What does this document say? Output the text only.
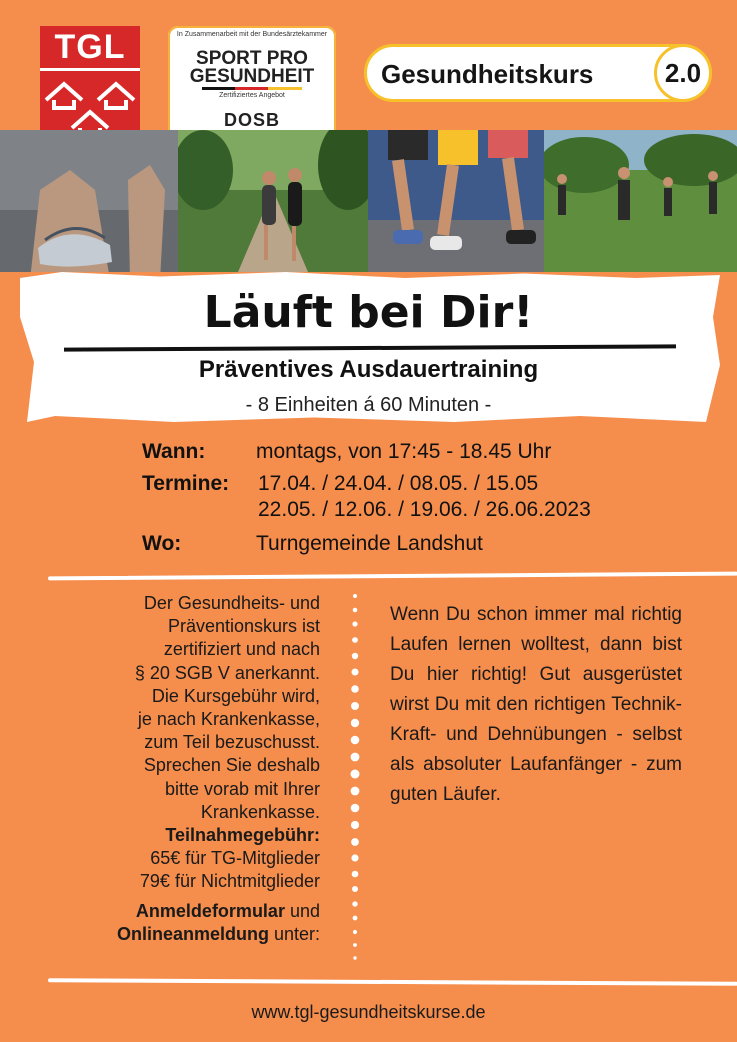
TGL	In Zusammenarbeit mit der Bundesärztekammer
SPORT PRO
GESUNDHEIT
Zertifiziertes Angebot
DOSB
Gesundheitskurs	2.0
Läuft bei Dir!
Präventives Ausdauertraining
- 8 Einheiten á 60 Minuten -
Wann: montags, von 17:45 - 18.45 Uhr
Termine: 17.04. / 24.04. / 08.05. / 15.05
22.05. / 12.06. / 19.06. / 26.06.2023
Wo:	Turngemeinde Landshut

Der Gesundheits- und

Präventionskurs ist

zertifiziert und nach

§ 20 SGB V anerkannt.

Die Kursgebühr wird,

je nach Krankenkasse,

zum Teil bezuschusst.

Sprechen Sie deshalb

bitte vorab mit Ihrer

Krankenkasse.

Teilnahmegebühr:

65€ für TG-Mitglieder

79€ für Nichtmitglieder

Anmeldeformular und

Onlineanmeldung unter:

Wenn Du schon immer mal richtig Laufen lernen wolltest, dann bist Du hier richtig! Gut ausgerüstet wirst Du mit den richtigen Technik- Kraft- und Dehnübungen - selbst als absoluter Laufanfänger - zum guten Läufer.
www.tgl-gesundheitskurse.de
